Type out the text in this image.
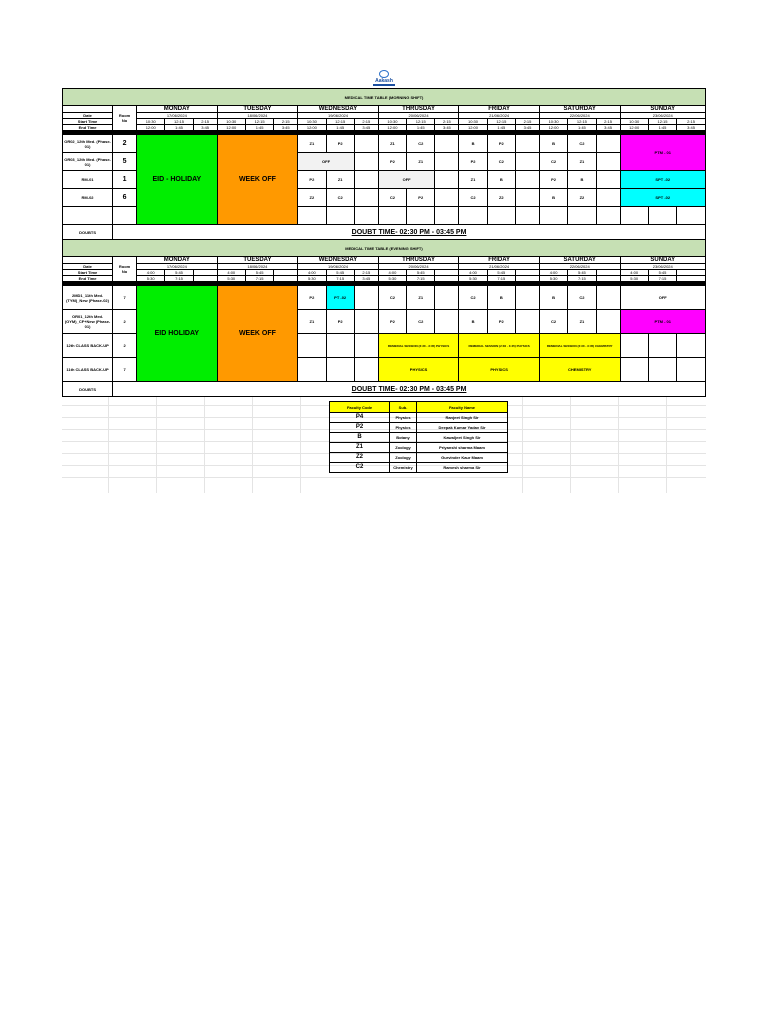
Aakash
MEDICAL TIME TABLE (MORNING SHIFT)																						
	Room
No	MONDAY			TUESDAY			WEDNESDAY			THRUSDAY			FRIDAY			SATURDAY			SUNDAY		
Date		17/06/2024			18/06/2024			19/06/2024			20/06/2024			21/06/2024			22/06/2024			23/06/2024		
Start Time		10:30	12:15	2:15	10:30	12:15	2:15	10:30	12:15	2:15	10:30	12:15	2:15	10:30	12:15	2:15	10:30	12:15	2:15	10:30	12:15	2:15
End Time		12:00	1:45	3:45	12:00	1:45	3:45	12:00	1:45	3:45	12:00	1:45	3:45	12:00	1:45	3:45	12:00	1:45	3:45	12:00	1:45	3:45

OR02_12th Med. (Phase-01)	2	EID - HOLIDAY			WEEK OFF			Z1	P2		Z1	C2		B	P2		B	C2		PTM - 01		
OR03_12th Med. (Phase-01)	5							OFF			P2	Z1		P2	C2		C2	Z1				
RM-01	1							P2	Z1		OFF			Z1	B		P2	B		SPT -02		
RM-02	6							Z2	C2		C2	P2		C2	Z2		B	Z2		SPT -02		

DOUBTS	DOUBT TIME- 02:30 PM - 03:45 PM																					
MEDICAL TIME TABLE (EVENING SHIFT)																						
	Room
No	MONDAY			TUESDAY			WEDNESDAY			THRUSDAY			FRIDAY			SATURDAY			SUNDAY		
Date		17/06/2024			18/06/2024			19/06/2024			20/06/2024			21/06/2024			22/06/2024			23/06/2024		
Start Time		4:00	5:45		4:00	5:45		4:00	5:45	2:15	4:00	5:45		4:00	5:45		4:00	5:45		4:00	5:45	
End Time		5:30	7:15		5:30	7:15		5:30	7:15	3:45	5:30	7:15		5:30	7:15		5:30	7:15		5:30	7:15	

2MD1_11th Med. (TYM)_New (Phase-02)	7	EID HOLIDAY			WEEK OFF			P2	PT -02		C2	Z1		C2	B		B	C2		OFF		
OR01_12th Med. (OYM)_CF+New (Phase-01)	2							Z1	P2		P2	C2		B	P2		C2	Z1		PTM - 01		
12th CLASS BACK-UP	2										REMEDIAL SESSION (2:30 - 3:45) PHYSICS			REMEDIAL SESSION (2:30 - 3:45) PHYSICS			REMEDIAL SESSION (2:30 - 3:45) CHEMISTRY					
11th CLASS BACK-UP	7										PHYSICS			PHYSICS			CHEMISTRY					
DOUBTS	DOUBT TIME- 02:30 PM - 03:45 PM																					
Faculty Code	Sub.	Faculty Name
P4	Physics	Ranjeet Singh Sir
P2	Physics	Deepak Kumar Yadav Sir
B	Botany	Kawaljeet Singh Sir
Z1	Zoology	Priyanshi sharma Maam
Z2	Zoology	Gurvinder Kaur Maam
C2	Chemistry	Ramesh sharma Sir
